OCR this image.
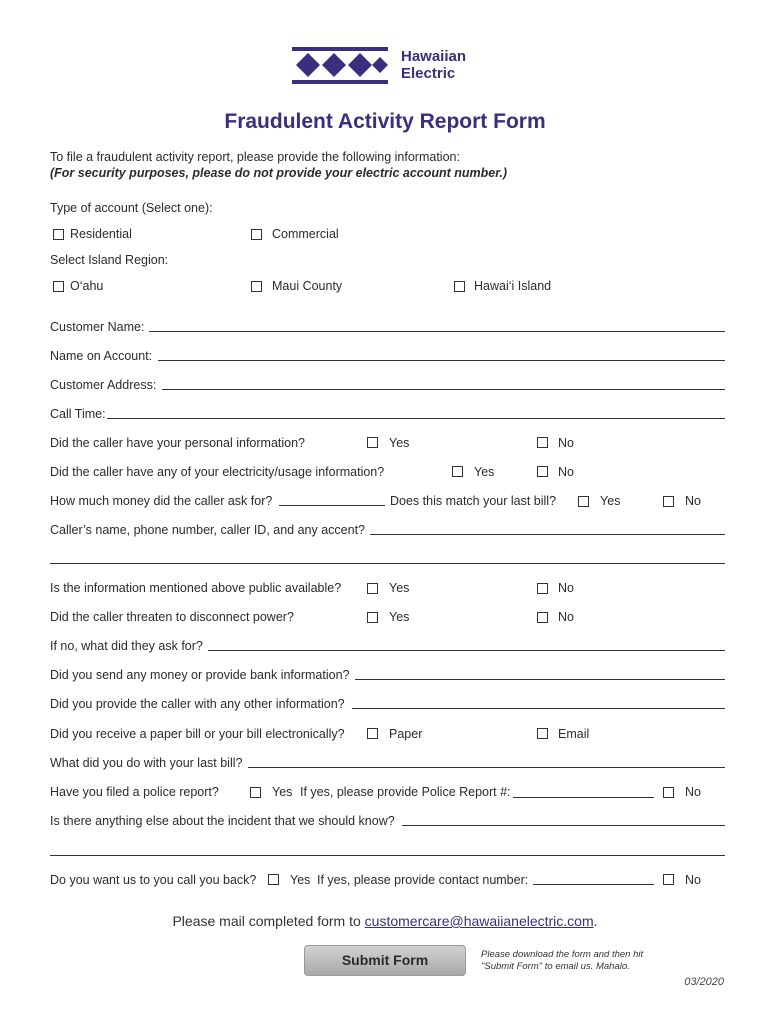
Hawaiian
Electric
Fraudulent Activity Report Form
To file a fraudulent activity report, please provide the following information:
(For security purposes, please do not provide your electric account number.)
Type of account (Select one):
Residential	Commercial
Select Island Region:
O‘ahu	Maui County	Hawai‘i Island
Customer Name:
Name on Account:
Customer Address:
Call Time:
Did the caller have your personal information?	Yes	No
Did the caller have any of your electricity/usage information?	Yes	No
How much money did the caller ask for?	Does this match your last bill?	Yes	No
Caller’s name, phone number, caller ID, and any accent?
Is the information mentioned above public available?	Yes	No
Did the caller threaten to disconnect power?	Yes	No
If no, what did they ask for?
Did you send any money or provide bank information?
Did you provide the caller with any other information?
Did you receive a paper bill or your bill electronically?	Paper	Email
What did you do with your last bill?
Have you filed a police report?	Yes If yes, please provide Police Report #:	No
Is there anything else about the incident that we should know?
Do you want us to you call you back?	Yes If yes, please provide contact number:	No
Please mail completed form to customercare@hawaiianelectric.com.
Submit Form	Please download the form and then hit
"Submit Form" to email us. Mahalo.
03/2020
